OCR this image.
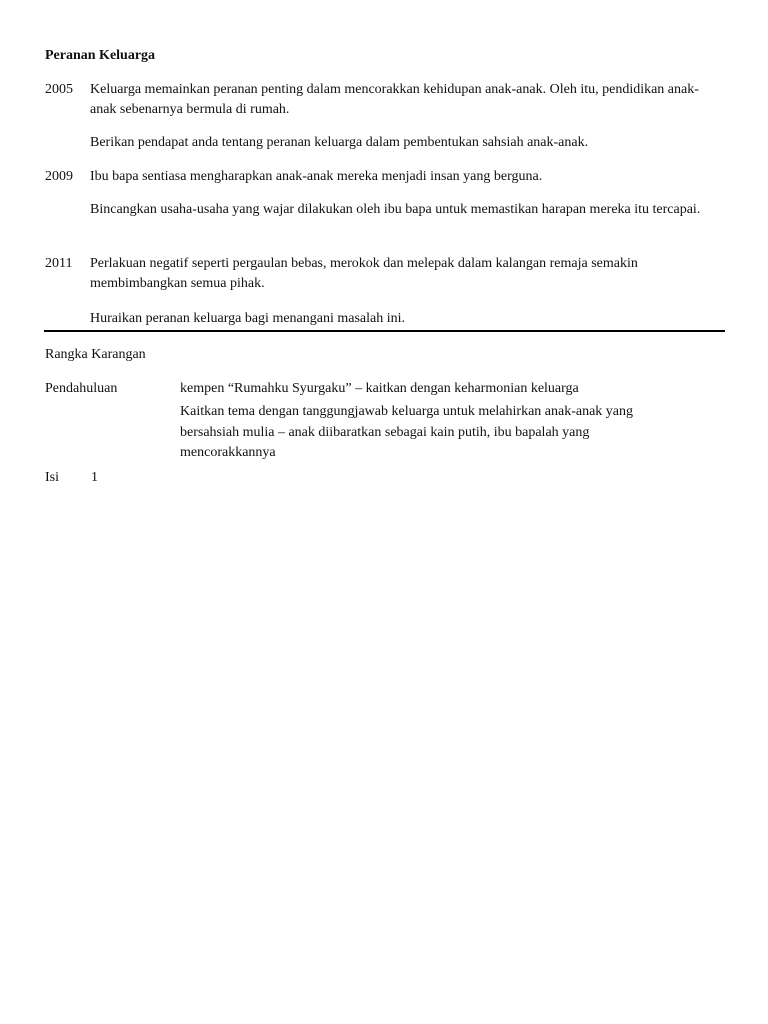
Peranan Keluarga
2005 Keluarga memainkan peranan penting dalam mencorakkan kehidupan anak-anak. Oleh itu, pendidikan anak-anak sebenarnya bermula di rumah.
Berikan pendapat anda tentang peranan keluarga dalam pembentukan sahsiah anak-anak.
2009 Ibu bapa sentiasa mengharapkan anak-anak mereka menjadi insan yang berguna.
Bincangkan usaha-usaha yang wajar dilakukan oleh ibu bapa untuk memastikan harapan mereka itu tercapai.
2011 Perlakuan negatif seperti pergaulan bebas, merokok dan melepak dalam kalangan remaja semakin membimbangkan semua pihak.
Huraikan peranan keluarga bagi menangani masalah ini.
Rangka Karangan
Pendahuluan	kempen “Rumahku Syurgaku” – kaitkan dengan keharmonian keluarga
Kaitkan tema dengan tanggungjawab keluarga untuk melahirkan anak-anak yang bersahsiah mulia – anak diibaratkan sebagai kain putih, ibu bapalah yang mencorakkannya
Isi 1
